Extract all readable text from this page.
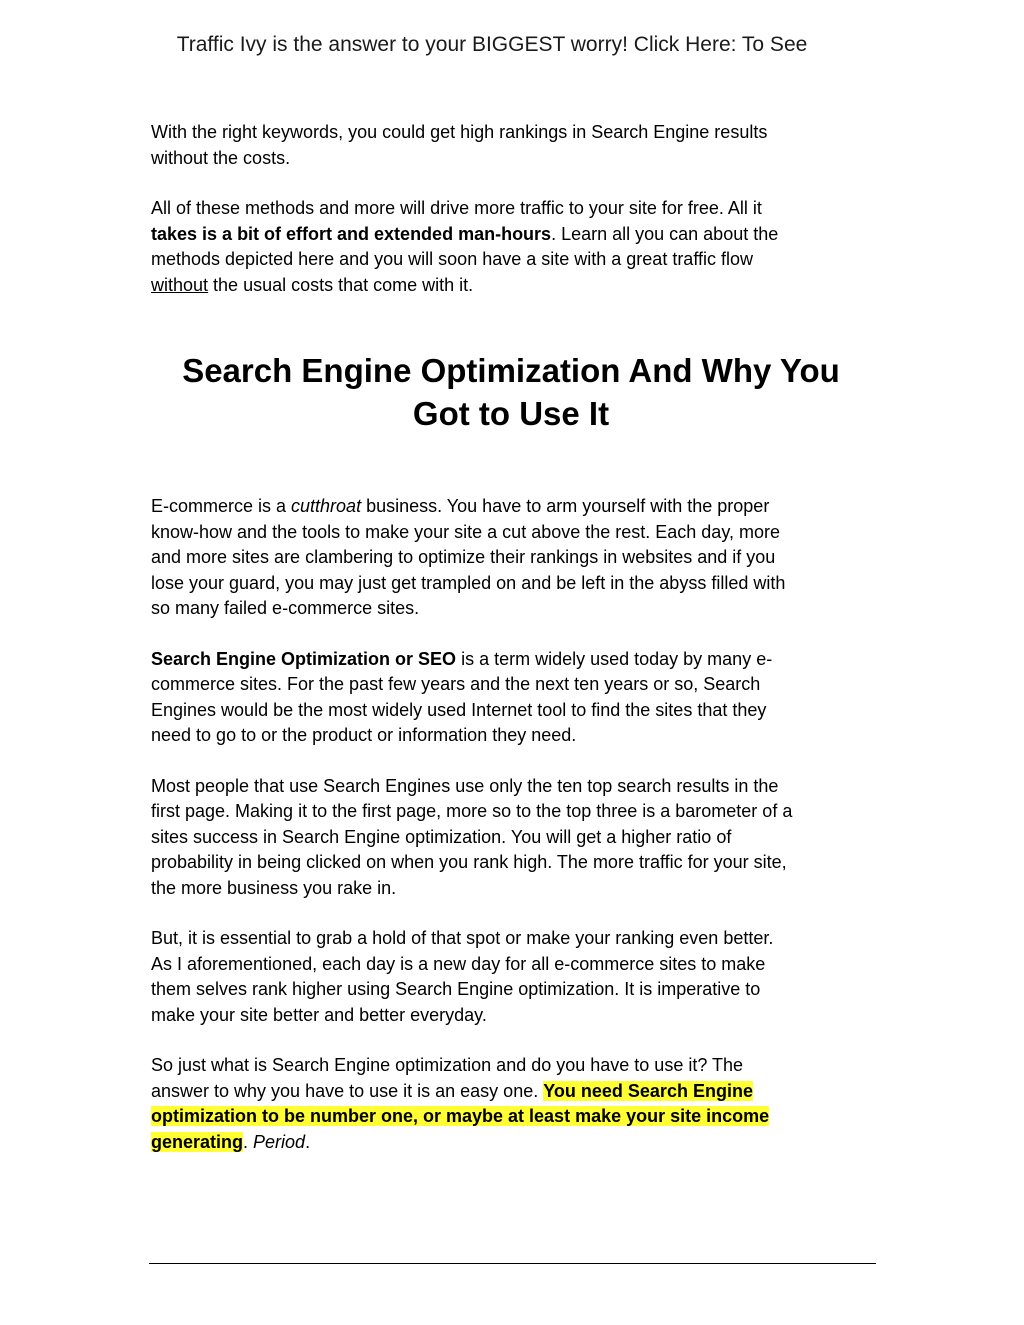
Traffic Ivy is the answer to your BIGGEST worry! Click Here: To See

With the right keywords, you could get high rankings in Search Engine results
without the costs.

All of these methods and more will drive more traffic to your site for free. All it
takes is a bit of effort and extended man-hours. Learn all you can about the
methods depicted here and you will soon have a site with a great traffic flow
without the usual costs that come with it.

Search Engine Optimization And Why You
Got to Use It

E-commerce is a cutthroat business. You have to arm yourself with the proper
know-how and the tools to make your site a cut above the rest. Each day, more
and more sites are clambering to optimize their rankings in websites and if you
lose your guard, you may just get trampled on and be left in the abyss filled with
so many failed e-commerce sites.

Search Engine Optimization or SEO is a term widely used today by many e-
commerce sites. For the past few years and the next ten years or so, Search
Engines would be the most widely used Internet tool to find the sites that they
need to go to or the product or information they need.

Most people that use Search Engines use only the ten top search results in the
first page. Making it to the first page, more so to the top three is a barometer of a
sites success in Search Engine optimization. You will get a higher ratio of
probability in being clicked on when you rank high. The more traffic for your site,
the more business you rake in.

But, it is essential to grab a hold of that spot or make your ranking even better.
As I aforementioned, each day is a new day for all e-commerce sites to make
them selves rank higher using Search Engine optimization. It is imperative to
make your site better and better everyday.

So just what is Search Engine optimization and do you have to use it? The
answer to why you have to use it is an easy one. You need Search Engine
optimization to be number one, or maybe at least make your site income
generating. Period.
